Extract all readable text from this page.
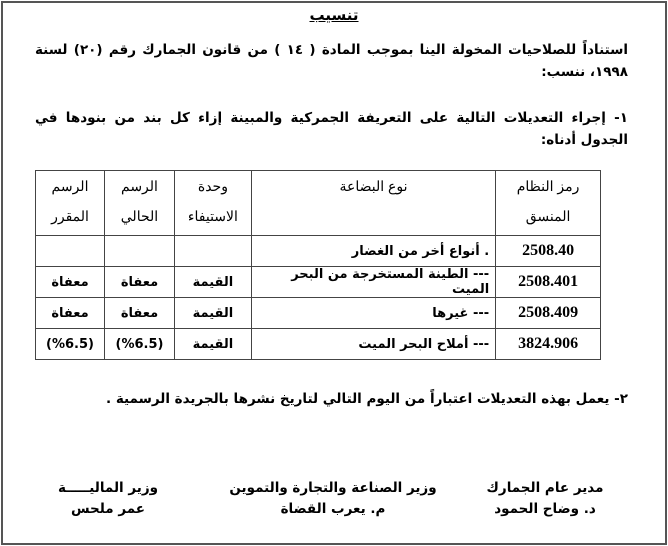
تنسيب
استناداً للصلاحيات المخولة الينا بموجب المادة ( ١٤ ) من قانون الجمارك رقم (٢٠) لسنة ١٩٩٨، ننسب:
١- إجراء التعديلات التالية على التعريفة الجمركية والمبينة إزاء كل بند من بنودها في الجدول أدناه:
رمز النظام المنسق	نوع البضاعة	وحدة الاستيفاء	الرسم الحالي	الرسم المقرر
2508.40	. أنواع أخر من الغضار			
2508.401	--- الطينة المستخرجة من البحر الميت	القيمة	معفاة	معفاة
2508.409	--- غيرها	القيمة	معفاة	معفاة
3824.906	--- أملاح البحر الميت	القيمة	(%6.5)	(%6.5)
٢- يعمل بهذه التعديلات اعتباراً من اليوم التالي لتاريخ نشرها بالجريدة الرسمية .
مدير عام الجمارك
د. وضاح الحمود
وزير الصناعة والتجارة والتموين
م. يعرب القضاة
وزير الماليـــــة
عمر ملحس
